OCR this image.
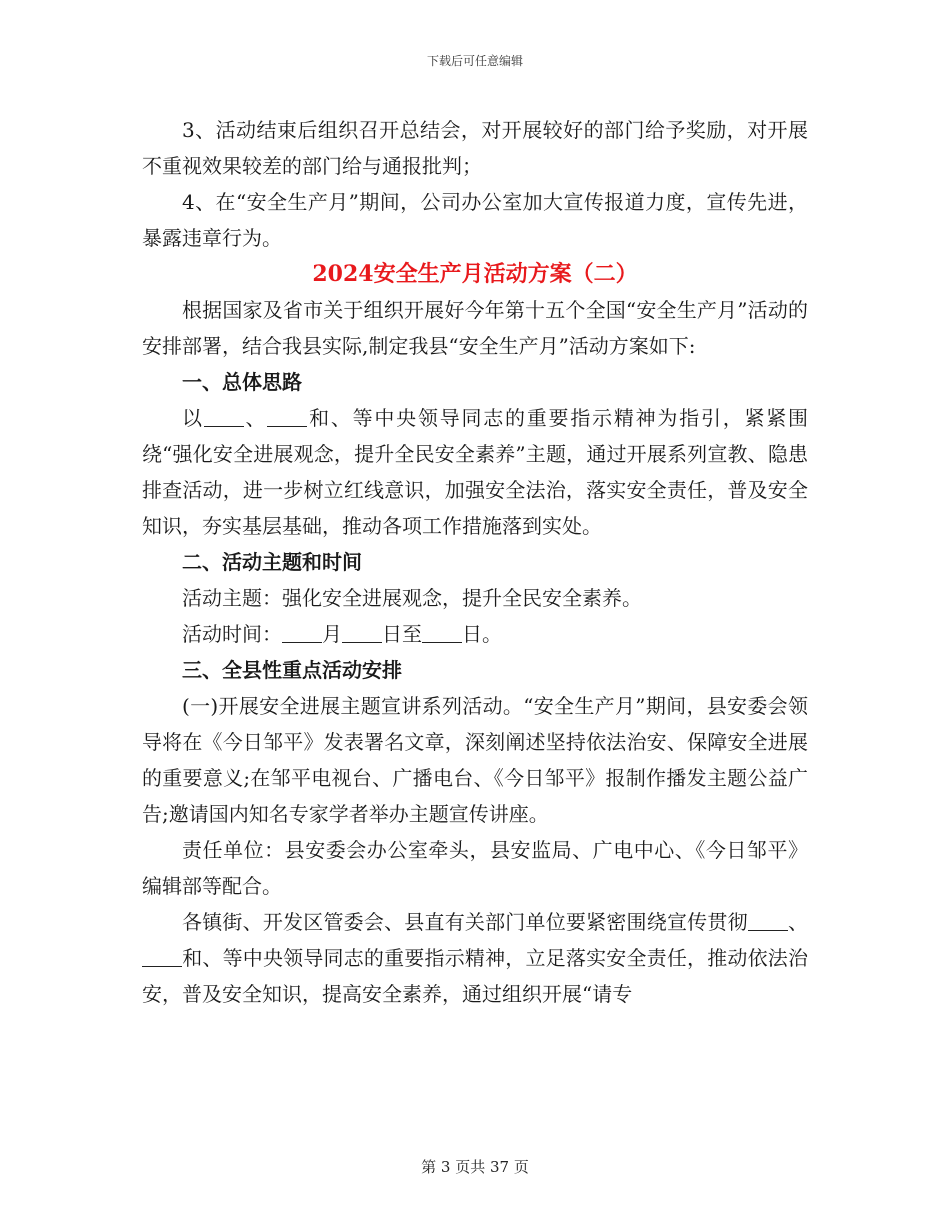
下载后可任意编辑

3、活动结束后组织召开总结会，对开展较好的部门给予奖励，对开展不重视效果较差的部门给与通报批判；

4、在“安全生产月”期间，公司办公室加大宣传报道力度，宣传先进，暴露违章行为。

2024安全生产月活动方案（二）

根据国家及省市关于组织开展好今年第十五个全国“安全生产月”活动的安排部署，结合我县实际,制定我县“安全生产月”活动方案如下:

一、总体思路

以 、 和、等中央领导同志的重要指示精神为指引，紧紧围绕“强化安全进展观念，提升全民安全素养”主题，通过开展系列宣教、隐患排查活动，进一步树立红线意识，加强安全法治，落实安全责任，普及安全知识，夯实基层基础，推动各项工作措施落到实处。

二、活动主题和时间

活动主题：强化安全进展观念，提升全民安全素养。

活动时间： 月 日至 日。

三、全县性重点活动安排

(一)开展安全进展主题宣讲系列活动。“安全生产月”期间，县安委会领导将在《今日邹平》发表署名文章，深刻阐述坚持依法治安、保障安全进展的重要意义;在邹平电视台、广播电台、《今日邹平》报制作播发主题公益广告;邀请国内知名专家学者举办主题宣传讲座。

责任单位：县安委会办公室牵头，县安监局、广电中心、《今日邹平》编辑部等配合。

各镇街、开发区管委会、县直有关部门单位要紧密围绕宣传贯彻 、和、等中央领导同志的重要指示精神，立足落实安全责任，推动依法治安，普及安全知识，提高安全素养，通过组织开展“请专

第 3 页共 37 页
